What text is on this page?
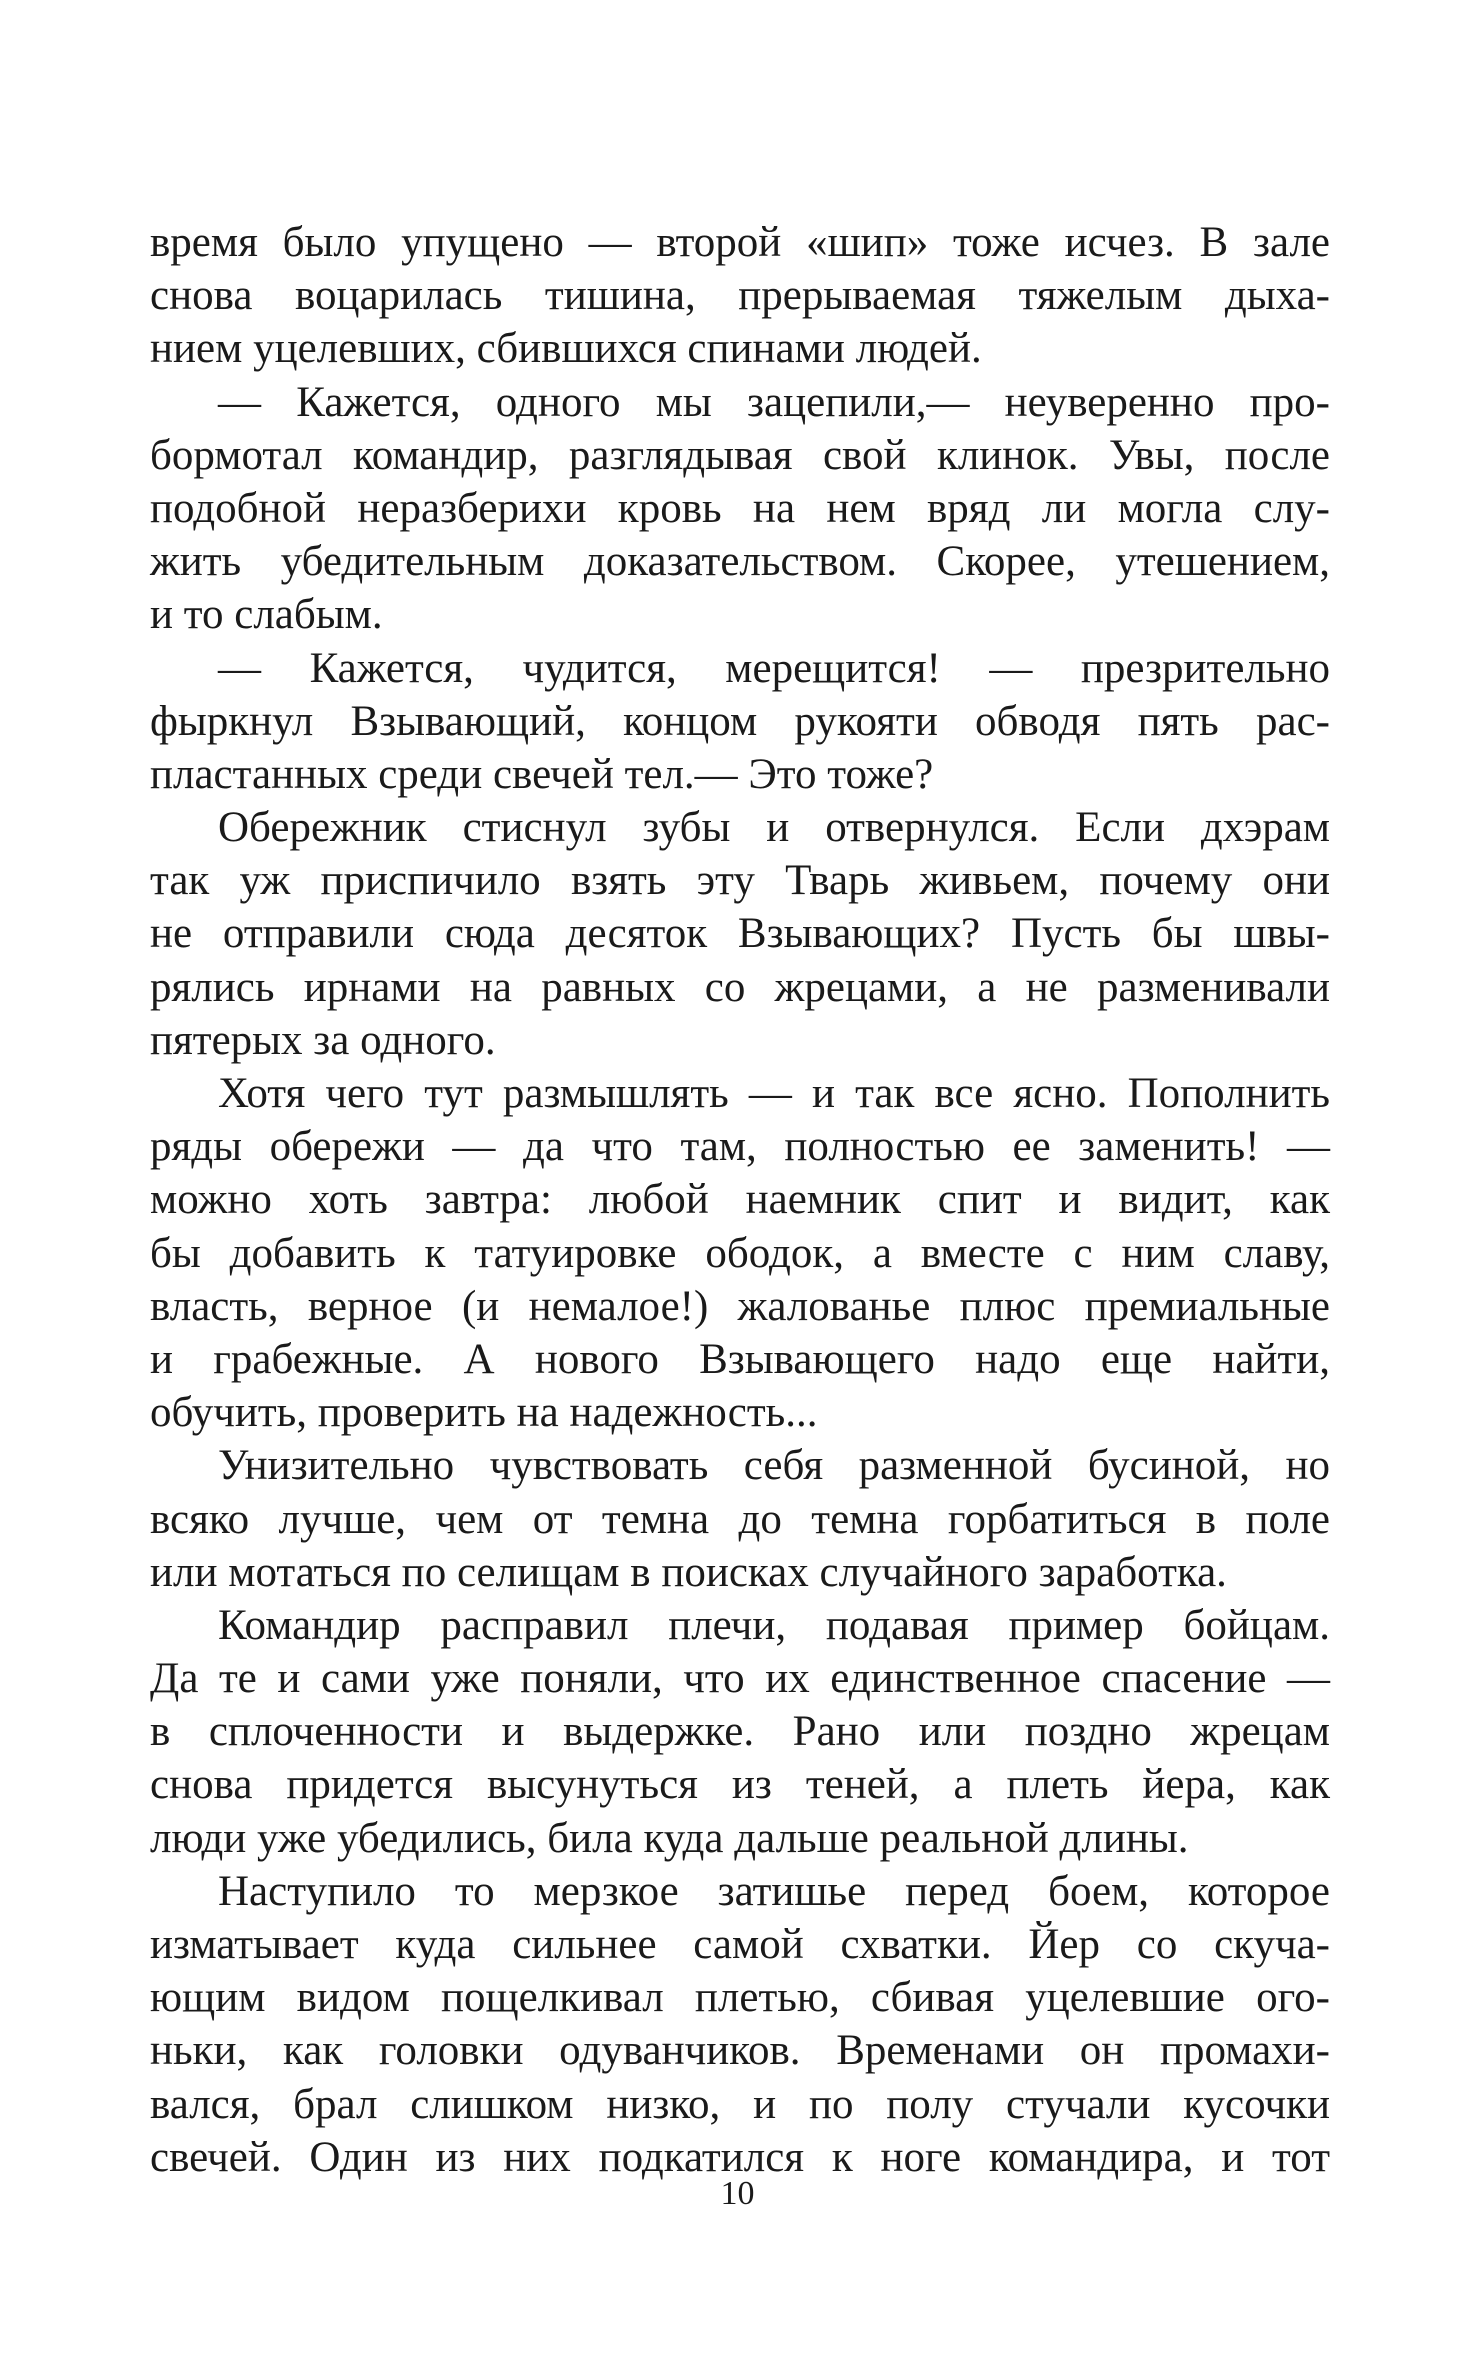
время было упущено — второй «шип» тоже исчез. В зале
снова воцарилась тишина, прерываемая тяжелым дыха-
нием уцелевших, сбившихся спинами людей.
— Кажется, одного мы зацепили,— неуверенно про-
бормотал командир, разглядывая свой клинок. Увы, после
подобной неразберихи кровь на нем вряд ли могла слу-
жить убедительным доказательством. Скорее, утешением,
и то слабым.
— Кажется, чудится, мерещится! — презрительно
фыркнул Взывающий, концом рукояти обводя пять рас-
пластанных среди свечей тел.— Это тоже?
Обережник стиснул зубы и отвернулся. Если дхэрам
так уж приспичило взять эту Тварь живьем, почему они
не отправили сюда десяток Взывающих? Пусть бы швы-
рялись ирнами на равных со жрецами, а не разменивали
пятерых за одного.
Хотя чего тут размышлять — и так все ясно. Пополнить
ряды обережи — да что там, полностью ее заменить! —
можно хоть завтра: любой наемник спит и видит, как
бы добавить к татуировке ободок, а вместе с ним славу,
власть, верное (и немалое!) жалованье плюс премиальные
и грабежные. А нового Взывающего надо еще найти,
обучить, проверить на надежность...
Унизительно чувствовать себя разменной бусиной, но
всяко лучше, чем от темна до темна горбатиться в поле
или мотаться по селищам в поисках случайного заработка.
Командир расправил плечи, подавая пример бойцам.
Да те и сами уже поняли, что их единственное спасение —
в сплоченности и выдержке. Рано или поздно жрецам
снова придется высунуться из теней, а плеть йера, как
люди уже убедились, била куда дальше реальной длины.
Наступило то мерзкое затишье перед боем, которое
изматывает куда сильнее самой схватки. Йер со скуча-
ющим видом пощелкивал плетью, сбивая уцелевшие ого-
ньки, как головки одуванчиков. Временами он промахи-
вался, брал слишком низко, и по полу стучали кусочки
свечей. Один из них подкатился к ноге командира, и тот
10
